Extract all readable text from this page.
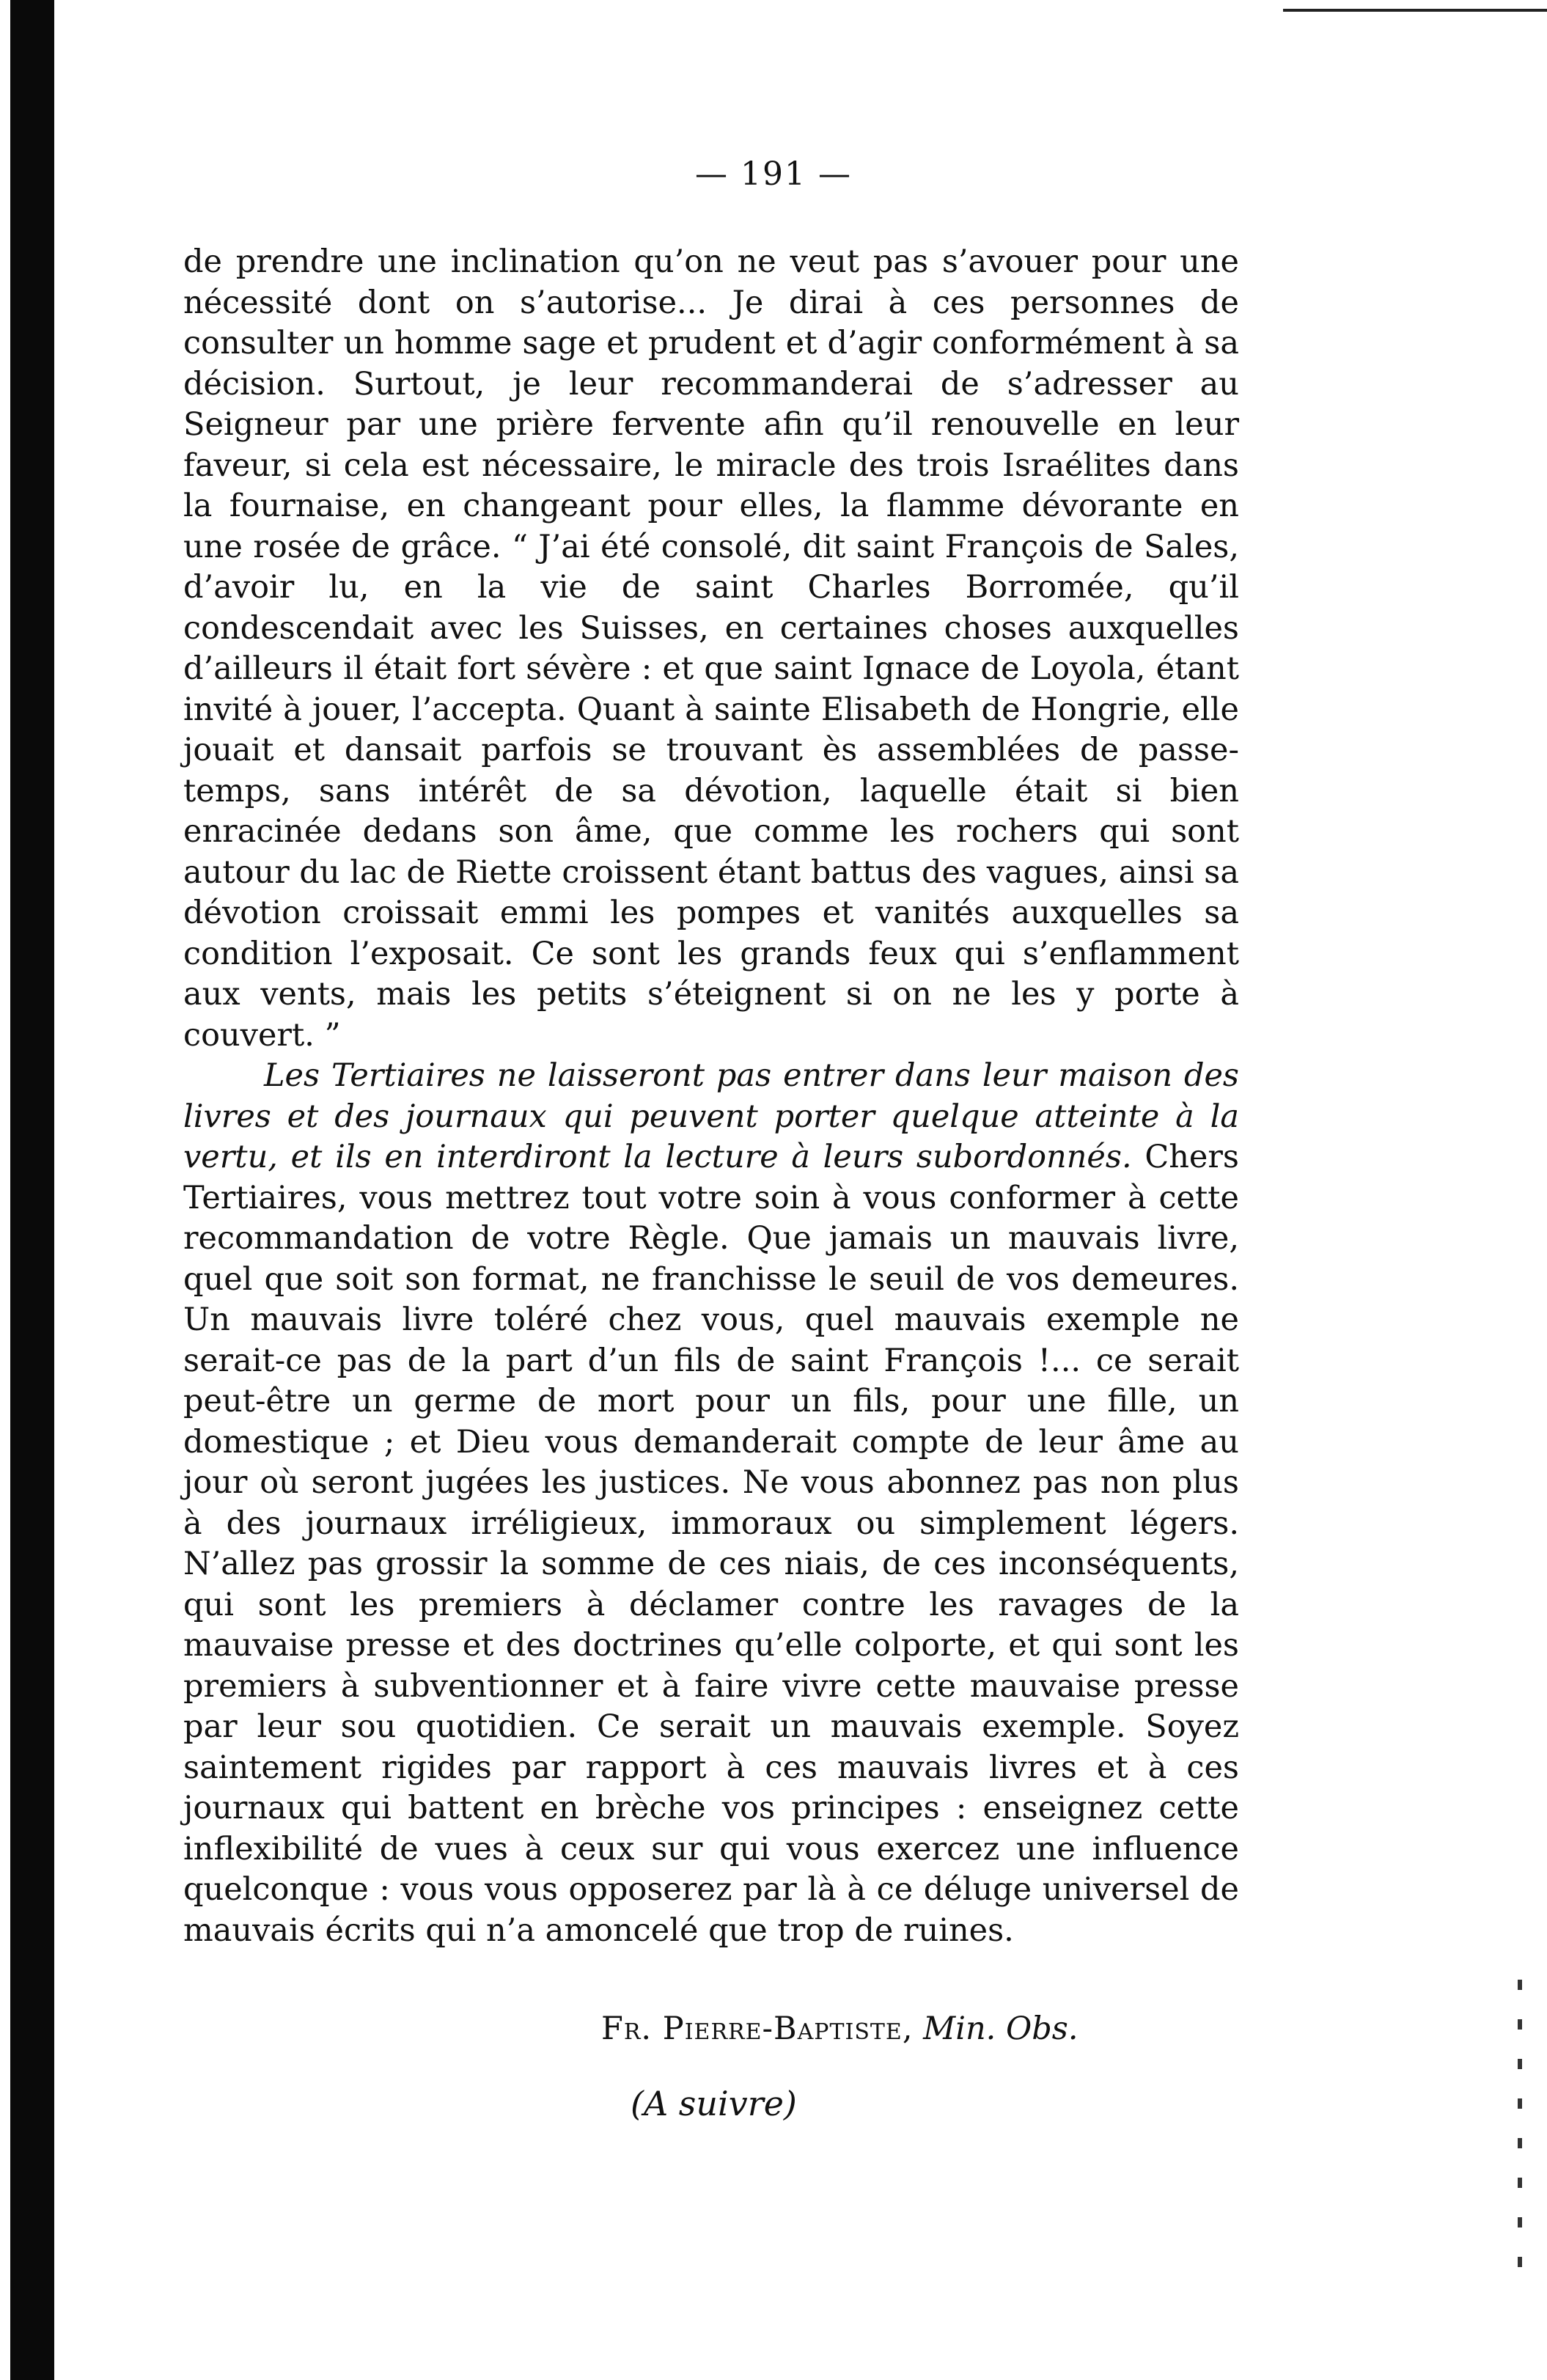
— 191 —

de prendre une inclination qu’on ne veut pas s’avouer pour une nécessité dont on s’autorise... Je dirai à ces personnes de consulter un homme sage et prudent et d’agir conformément à sa décision. Surtout, je leur recommanderai de s’adresser au Seigneur par une prière fervente afin qu’il renouvelle en leur faveur, si cela est nécessaire, le miracle des trois Israélites dans la fournaise, en changeant pour elles, la flamme dévorante en une rosée de grâce. “ J’ai été consolé, dit saint François de Sales, d’avoir lu, en la vie de saint Charles Borromée, qu’il condescendait avec les Suisses, en certaines choses auxquelles d’ailleurs il était fort sévère : et que saint Ignace de Loyola, étant invité à jouer, l’accepta. Quant à sainte Elisabeth de Hongrie, elle jouait et dansait parfois se trouvant ès assemblées de passe-temps, sans intérêt de sa dévotion, laquelle était si bien enracinée dedans son âme, que comme les rochers qui sont autour du lac de Riette croissent étant battus des vagues, ainsi sa dévotion croissait emmi les pompes et vanités auxquelles sa condition l’exposait. Ce sont les grands feux qui s’enflamment aux vents, mais les petits s’éteignent si on ne les y porte à couvert. ”

Les Tertiaires ne laisseront pas entrer dans leur maison des livres et des journaux qui peuvent porter quelque atteinte à la vertu, et ils en interdiront la lecture à leurs subordonnés. Chers Tertiaires, vous mettrez tout votre soin à vous conformer à cette recommandation de votre Règle. Que jamais un mauvais livre, quel que soit son format, ne franchisse le seuil de vos demeures. Un mauvais livre toléré chez vous, quel mauvais exemple ne serait-ce pas de la part d’un fils de saint François !... ce serait peut-être un germe de mort pour un fils, pour une fille, un domestique ; et Dieu vous demanderait compte de leur âme au jour où seront jugées les justices. Ne vous abonnez pas non plus à des journaux irréligieux, immoraux ou simplement légers. N’allez pas grossir la somme de ces niais, de ces inconséquents, qui sont les premiers à déclamer contre les ravages de la mauvaise presse et des doctrines qu’elle colporte, et qui sont les premiers à subventionner et à faire vivre cette mauvaise presse par leur sou quotidien. Ce serait un mauvais exemple. Soyez saintement rigides par rapport à ces mauvais livres et à ces journaux qui battent en brèche vos principes : enseignez cette inflexibilité de vues à ceux sur qui vous exercez une influence quelconque : vous vous opposerez par là à ce déluge universel de mauvais écrits qui n’a amoncelé que trop de ruines.

Fr. Pierre-Baptiste, Min. Obs.
(A suivre)
